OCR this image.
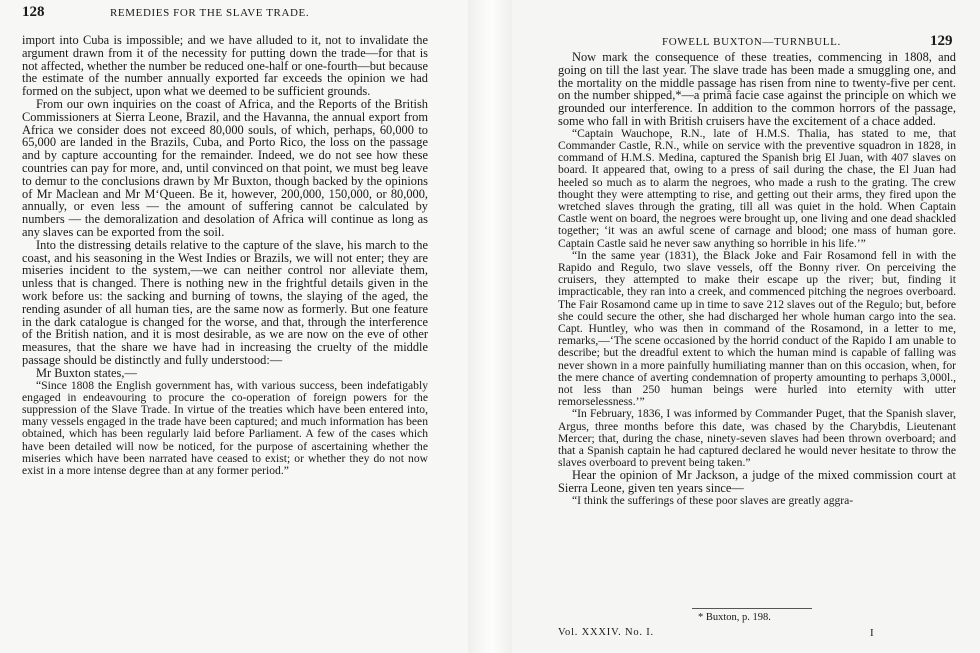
128	REMEDIES FOR THE SLAVE TRADE.

import into Cuba is impossible; and we have alluded to it, not to invalidate the argument drawn from it of the necessity for putting down the trade—for that is not affected, whether the number be reduced one-half or one-fourth—but because the estimate of the number annually exported far exceeds the opinion we had formed on the subject, upon what we deemed to be sufficient grounds.

From our own inquiries on the coast of Africa, and the Reports of the British Commissioners at Sierra Leone, Brazil, and the Havanna, the annual export from Africa we consider does not exceed 80,000 souls, of which, perhaps, 60,000 to 65,000 are landed in the Brazils, Cuba, and Porto Rico, the loss on the passage and by capture accounting for the remainder. Indeed, we do not see how these countries can pay for more, and, until convinced on that point, we must beg leave to demur to the conclusions drawn by Mr Buxton, though backed by the opinions of Mr Maclean and Mr M‘Queen. Be it, however, 200,000, 150,000, or 80,000, annually, or even less — the amount of suffering cannot be calculated by numbers — the demoralization and desolation of Africa will continue as long as any slaves can be exported from the soil.

Into the distressing details relative to the capture of the slave, his march to the coast, and his seasoning in the West Indies or Brazils, we will not enter; they are miseries incident to the system,—we can neither control nor alleviate them, unless that is changed. There is nothing new in the frightful details given in the work before us: the sacking and burning of towns, the slaying of the aged, the rending asunder of all human ties, are the same now as formerly. But one feature in the dark catalogue is changed for the worse, and that, through the interference of the British nation, and it is most desirable, as we are now on the eve of other measures, that the share we have had in increasing the cruelty of the middle passage should be distinctly and fully understood:—

Mr Buxton states,—

“Since 1808 the English government has, with various success, been indefatigably engaged in endeavouring to procure the co-operation of foreign powers for the suppression of the Slave Trade. In virtue of the treaties which have been entered into, many vessels engaged in the trade have been captured; and much information has been obtained, which has been regularly laid before Parliament. A few of the cases which have been detailed will now be noticed, for the purpose of ascertaining whether the miseries which have been narrated have ceased to exist; or whether they do not now exist in a more intense degree than at any former period.”

FOWELL BUXTON—TURNBULL.	129

Now mark the consequence of these treaties, commencing in 1808, and going on till the last year. The slave trade has been made a smuggling one, and the mortality on the middle passage has risen from nine to twenty-five per cent. on the number shipped,*—a primâ facie case against the principle on which we grounded our interference. In addition to the common horrors of the passage, some who fall in with British cruisers have the excitement of a chace added.

“Captain Wauchope, R.N., late of H.M.S. Thalia, has stated to me, that Commander Castle, R.N., while on service with the preventive squadron in 1828, in command of H.M.S. Medina, captured the Spanish brig El Juan, with 407 slaves on board. It appeared that, owing to a press of sail during the chase, the El Juan had heeled so much as to alarm the negroes, who made a rush to the grating. The crew thought they were attempting to rise, and getting out their arms, they fired upon the wretched slaves through the grating, till all was quiet in the hold. When Captain Castle went on board, the negroes were brought up, one living and one dead shackled together; ‘it was an awful scene of carnage and blood; one mass of human gore. Captain Castle said he never saw anything so horrible in his life.’”

“In the same year (1831), the Black Joke and Fair Rosamond fell in with the Rapido and Regulo, two slave vessels, off the Bonny river. On perceiving the cruisers, they attempted to make their escape up the river; but, finding it impracticable, they ran into a creek, and commenced pitching the negroes overboard. The Fair Rosamond came up in time to save 212 slaves out of the Regulo; but, before she could secure the other, she had discharged her whole human cargo into the sea. Capt. Huntley, who was then in command of the Rosamond, in a letter to me, remarks,—‘The scene occasioned by the horrid conduct of the Rapido I am unable to describe; but the dreadful extent to which the human mind is capable of falling was never shown in a more painfully humiliating manner than on this occasion, when, for the mere chance of averting condemnation of property amounting to perhaps 3,000l., not less than 250 human beings were hurled into eternity with utter remorselessness.’”

“In February, 1836, I was informed by Commander Puget, that the Spanish slaver, Argus, three months before this date, was chased by the Charybdis, Lieutenant Mercer; that, during the chase, ninety-seven slaves had been thrown overboard; and that a Spanish captain he had captured declared he would never hesitate to throw the slaves overboard to prevent being taken.”

Hear the opinion of Mr Jackson, a judge of the mixed commission court at Sierra Leone, given ten years since—

“I think the sufferings of these poor slaves are greatly aggra-

* Buxton, p. 198.
Vol. XXXIV. No. I.	I
